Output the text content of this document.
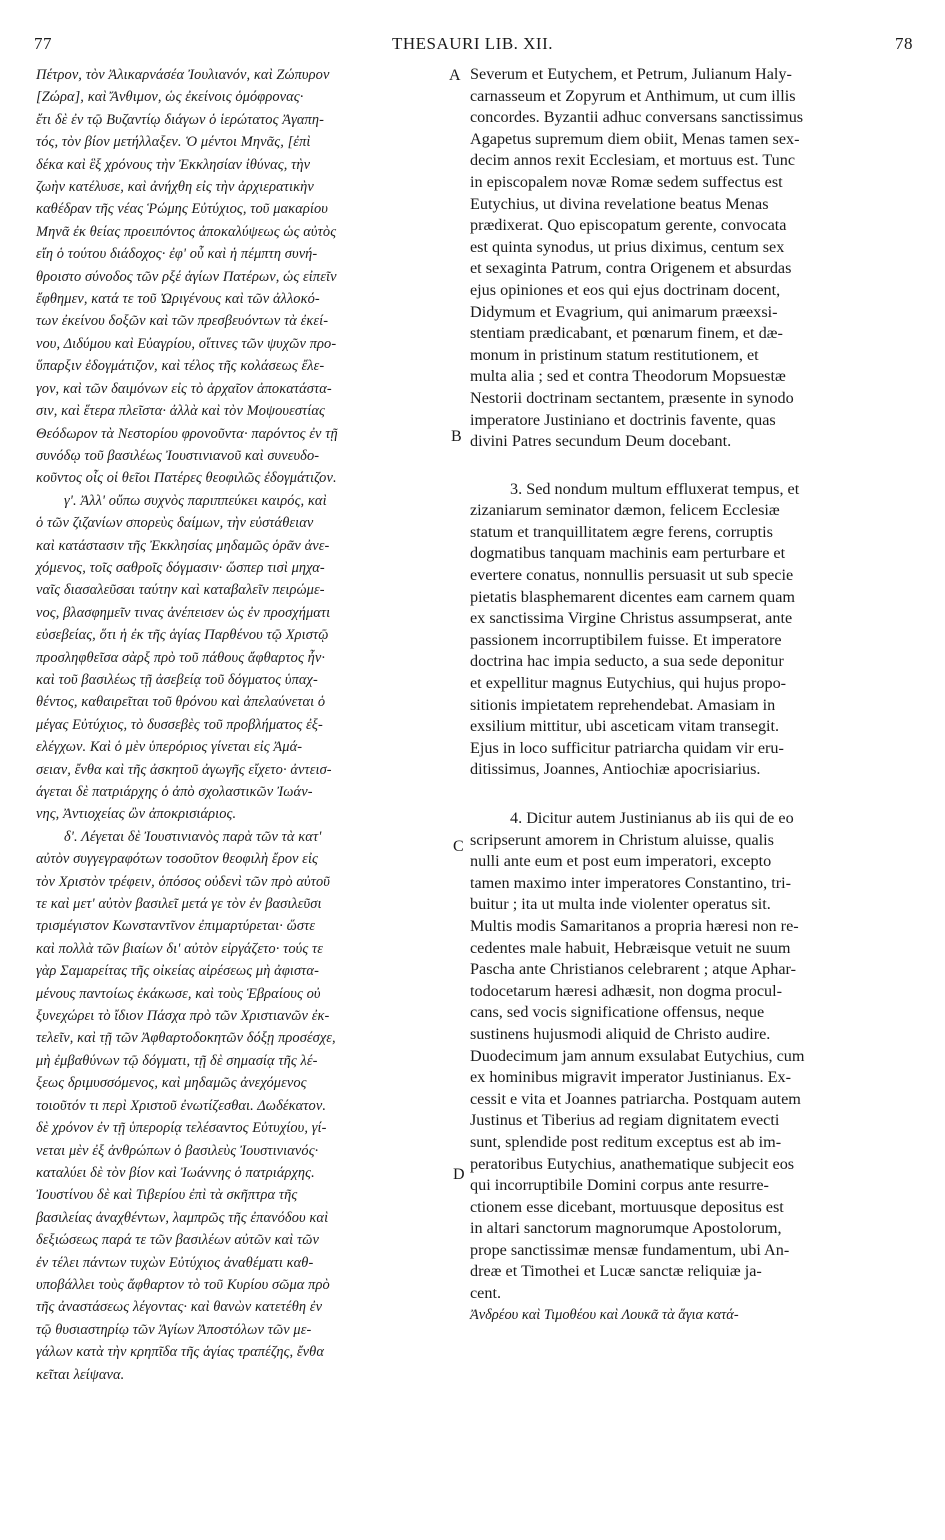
77	THESAURI LIB. XII.	78
A
B
C
D
Πέτρον, τὸν Ἀλικαρνάσέα Ἰουλιανόν, καὶ Ζώπυρον
[Ζώρα], καὶ Ἄνθιμον, ὡς ἐκείνοις ὁμόφρονας·
ἔτι δὲ ἐν τῷ Βυζαντίῳ διάγων ὁ ἱερώτατος Ἀγαπη-
τός, τὸν βίον μετήλλαξεν. Ὁ μέντοι Μηνᾶς, [ἐπὶ
δέκα καὶ ἓξ χρόνους τὴν Ἐκκλησίαν ἰθύνας, τὴν
ζωὴν κατέλυσε, καὶ ἀνήχθη εἰς τὴν ἀρχιερατικὴν
καθέδραν τῆς νέας Ῥώμης Εὐτύχιος, τοῦ μακαρίου
Μηνᾶ ἐκ θείας προειπόντος ἀποκαλύψεως ὡς αὐτὸς
εἴη ὁ τούτου διάδοχος· ἐφ' οὗ καὶ ἡ πέμπτη συνή-
θροιστο σύνοδος τῶν ρξέ ἁγίων Πατέρων, ὡς εἰπεῖν
ἔφθημεν, κατά τε τοῦ Ὠριγένους καὶ τῶν ἀλλοκό-
των ἐκείνου δοξῶν καὶ τῶν πρεσβευόντων τὰ ἐκεί-
νου, Διδύμου καὶ Εὐαγρίου, οἵτινες τῶν ψυχῶν προ-
ὕπαρξιν ἐδογμάτιζον, καὶ τέλος τῆς κολάσεως ἔλε-
γον, καὶ τῶν δαιμόνων εἰς τὸ ἀρχαῖον ἀποκατάστα-
σιν, καὶ ἕτερα πλεῖστα· ἀλλὰ καὶ τὸν Μοψουεστίας
Θεόδωρον τὰ Νεστορίου φρονοῦντα· παρόντος ἐν τῇ
συνόδῳ τοῦ βασιλέως Ἰουστινιανοῦ καὶ συνευδο-
κοῦντος οἷς οἱ θεῖοι Πατέρες θεοφιλῶς ἐδογμάτιζον.
γ'. Ἀλλ' οὔπω συχνὸς παριππεύκει καιρός, καὶ
ὁ τῶν ζιζανίων σπορεὺς δαίμων, τὴν εὐστάθειαν
καὶ κατάστασιν τῆς Ἐκκλησίας μηδαμῶς ὁρᾶν ἀνε-
χόμενος, τοῖς σαθροῖς δόγμασιν· ὥσπερ τισὶ μηχα-
ναῖς διασαλεῦσαι ταύτην καὶ καταβαλεῖν πειρώμε-
νος, βλασφημεῖν τινας ἀνέπεισεν ὡς ἐν προσχήματι
εὐσεβείας, ὅτι ἡ ἐκ τῆς ἁγίας Παρθένου τῷ Χριστῷ
προσληφθεῖσα σὰρξ πρὸ τοῦ πάθους ἄφθαρτος ἦν·
καὶ τοῦ βασιλέως τῇ ἀσεβείᾳ τοῦ δόγματος ὑπαχ-
θέντος, καθαιρεῖται τοῦ θρόνου καὶ ἀπελαύνεται ὁ
μέγας Εὐτύχιος, τὸ δυσσεβὲς τοῦ προβλήματος ἐξ-
ελέγχων. Καὶ ὁ μὲν ὑπερόριος γίνεται εἰς Ἀμά-
σειαν, ἔνθα καὶ τῆς ἀσκητοῦ ἀγωγῆς εἴχετο· ἀντεισ-
άγεται δὲ πατριάρχης ὁ ἀπὸ σχολαστικῶν Ἰωάν-
νης, Ἀντιοχείας ὢν ἀποκρισιάριος.
δ'. Λέγεται δὲ Ἰουστινιανὸς παρὰ τῶν τὰ κατ'
αὐτὸν συγγεγραφότων τοσοῦτον θεοφιλὴ ἔρον εἰς
τὸν Χριστὸν τρέφειν, ὁπόσος οὐδενὶ τῶν πρὸ αὐτοῦ
τε καὶ μετ' αὐτὸν βασιλεῖ μετά γε τὸν ἐν βασιλεῦσι
τρισμέγιστον Κωνσταντῖνον ἐπιμαρτύρεται· ὥστε
καὶ πολλὰ τῶν βιαίων δι' αὐτὸν εἰργάζετο· τούς τε
γὰρ Σαμαρείτας τῆς οἰκείας αἱρέσεως μὴ ἀφιστα-
μένους παντοίως ἐκάκωσε, καὶ τοὺς Ἑβραίους οὐ
ξυνεχώρει τὸ ἴδιον Πάσχα πρὸ τῶν Χριστιανῶν ἐκ-
τελεῖν, καὶ τῇ τῶν Ἀφθαρτοδοκητῶν δόξῃ προσέσχε,
μὴ ἐμβαθύνων τῷ δόγματι, τῇ δὲ σημασίᾳ τῆς λέ-
ξεως δριμυσσόμενος, καὶ μηδαμῶς ἀνεχόμενος
τοιοῦτόν τι περὶ Χριστοῦ ἐνωτίζεσθαι. Δωδέκατον.
δὲ χρόνον ἐν τῇ ὑπερορίᾳ τελέσαντος Εὐτυχίου, γί-
νεται μὲν ἐξ ἀνθρώπων ὁ βασιλεὺς Ἰουστινιανός·
καταλύει δὲ τὸν βίον καὶ Ἰωάννης ὁ πατριάρχης.
Ἰουστίνου δὲ καὶ Τιβερίου ἐπὶ τὰ σκῆπτρα τῆς
βασιλείας ἀναχθέντων, λαμπρῶς τῆς ἐπανόδου καὶ
δεξιώσεως παρά τε τῶν βασιλέων αὐτῶν καὶ τῶν
ἐν τέλει πάντων τυχὼν Εὐτύχιος ἀναθέματι καθ-
υποβάλλει τοὺς ἄφθαρτον τὸ τοῦ Κυρίου σῶμα πρὸ
τῆς ἀναστάσεως λέγοντας· καὶ θανὼν κατετέθη ἐν
τῷ θυσιαστηρίῳ τῶν Ἁγίων Ἀποστόλων τῶν με-
γάλων κατὰ τὴν κρηπῖδα τῆς ἁγίας τραπέζης, ἔνθα
κεῖται λείψανα.
Severum et Eutychem, et Petrum, Julianum Haly-
carnasseum et Zopyrum et Anthimum, ut cum illis
concordes. Byzantii adhuc conversans sanctissimus
Agapetus supremum diem obiit, Menas tamen sex-
decim annos rexit Ecclesiam, et mortuus est. Tunc
in episcopalem novæ Romæ sedem suffectus est
Eutychius, ut divina revelatione beatus Menas
prædixerat. Quo episcopatum gerente, convocata
est quinta synodus, ut prius diximus, centum sex
et sexaginta Patrum, contra Origenem et absurdas
ejus opiniones et eos qui ejus doctrinam docent,
Didymum et Evagrium, qui animarum præexsi-
stentiam prædicabant, et pœnarum finem, et dæ-
monum in pristinum statum restitutionem, et
multa alia ; sed et contra Theodorum Mopsuestæ
Nestorii doctrinam sectantem, præsente in synodo
imperatore Justiniano et doctrinis favente, quas
divini Patres secundum Deum docebant.
3. Sed nondum multum effluxerat tempus, et
zizaniarum seminator dæmon, felicem Ecclesiæ
statum et tranquillitatem ægre ferens, corruptis
dogmatibus tanquam machinis eam perturbare et
evertere conatus, nonnullis persuasit ut sub specie
pietatis blasphemarent dicentes eam carnem quam
ex sanctissima Virgine Christus assumpserat, ante
passionem incorruptibilem fuisse. Et imperatore
doctrina hac impia seducto, a sua sede deponitur
et expellitur magnus Eutychius, qui hujus propo-
sitionis impietatem reprehendebat. Amasiam in
exsilium mittitur, ubi asceticam vitam transegit.
Ejus in loco sufficitur patriarcha quidam vir eru-
ditissimus, Joannes, Antiochiæ apocrisiarius.
4. Dicitur autem Justinianus ab iis qui de eo
scripserunt amorem in Christum aluisse, qualis
nulli ante eum et post eum imperatori, excepto
tamen maximo inter imperatores Constantino, tri-
buitur ; ita ut multa inde violenter operatus sit.
Multis modis Samaritanos a propria hæresi non re-
cedentes male habuit, Hebræisque vetuit ne suum
Pascha ante Christianos celebrarent ; atque Aphar-
todocetarum hæresi adhæsit, non dogma procul-
cans, sed vocis significatione offensus, neque
sustinens hujusmodi aliquid de Christo audire.
Duodecimum jam annum exsulabat Eutychius, cum
ex hominibus migravit imperator Justinianus. Ex-
cessit e vita et Joannes patriarcha. Postquam autem
Justinus et Tiberius ad regiam dignitatem evecti
sunt, splendide post reditum exceptus est ab im-
peratoribus Eutychius, anathematique subjecit eos
qui incorruptibile Domini corpus ante resurre-
ctionem esse dicebant, mortuusque depositus est
in altari sanctorum magnorumque Apostolorum,
prope sanctissimæ mensæ fundamentum, ubi An-
dreæ et Timothei et Lucæ sanctæ reliquiæ ja-
cent.
Ἀνδρέου καὶ Τιμοθέου καὶ Λουκᾶ τὰ ἅγια κατά-
